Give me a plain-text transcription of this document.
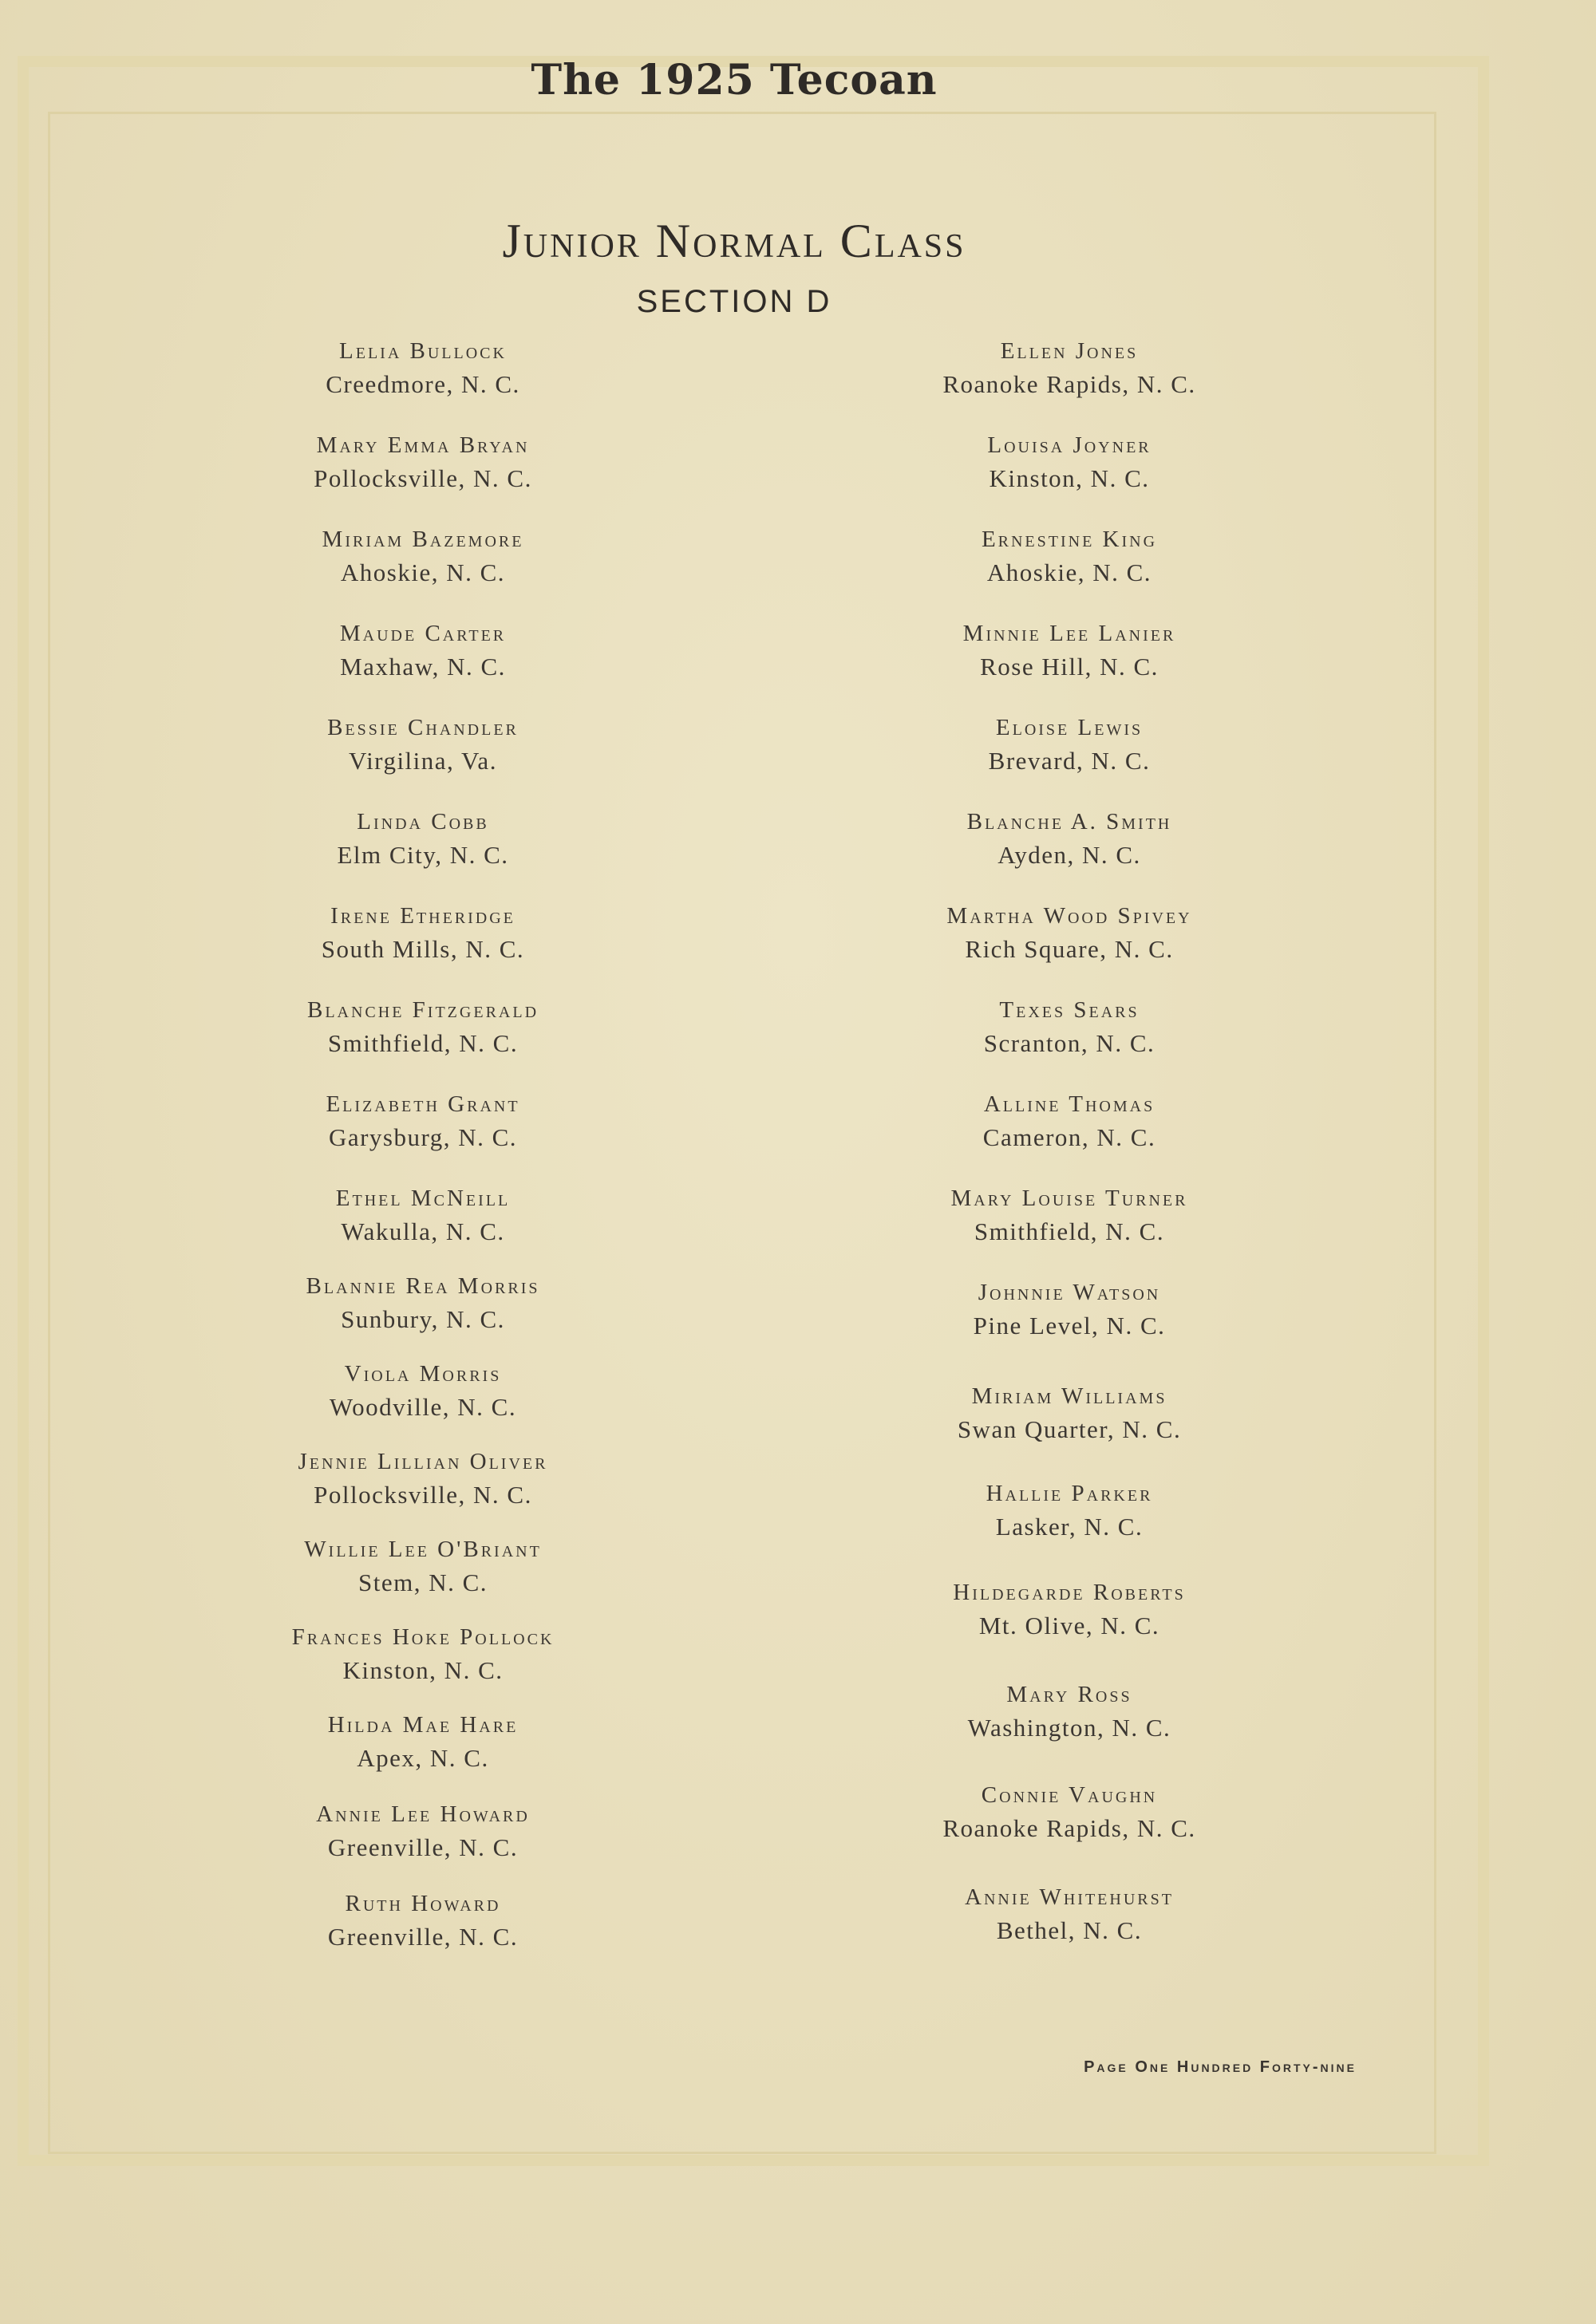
The 1925 Tecoan
Junior Normal Class
SECTION D
Lelia Bullock
Creedmore, N. C.
Mary Emma Bryan
Pollocksville, N. C.
Miriam Bazemore
Ahoskie, N. C.
Maude Carter
Maxhaw, N. C.
Bessie Chandler
Virgilina, Va.
Linda Cobb
Elm City, N. C.
Irene Etheridge
South Mills, N. C.
Blanche Fitzgerald
Smithfield, N. C.
Elizabeth Grant
Garysburg, N. C.
Ethel McNeill
Wakulla, N. C.
Blannie Rea Morris
Sunbury, N. C.
Viola Morris
Woodville, N. C.
Jennie Lillian Oliver
Pollocksville, N. C.
Willie Lee O'Briant
Stem, N. C.
Frances Hoke Pollock
Kinston, N. C.
Hilda Mae Hare
Apex, N. C.
Annie Lee Howard
Greenville, N. C.
Ruth Howard
Greenville, N. C.
Ellen Jones
Roanoke Rapids, N. C.
Louisa Joyner
Kinston, N. C.
Ernestine King
Ahoskie, N. C.
Minnie Lee Lanier
Rose Hill, N. C.
Eloise Lewis
Brevard, N. C.
Blanche A. Smith
Ayden, N. C.
Martha Wood Spivey
Rich Square, N. C.
Texes Sears
Scranton, N. C.
Alline Thomas
Cameron, N. C.
Mary Louise Turner
Smithfield, N. C.
Johnnie Watson
Pine Level, N. C.
Miriam Williams
Swan Quarter, N. C.
Hallie Parker
Lasker, N. C.
Hildegarde Roberts
Mt. Olive, N. C.
Mary Ross
Washington, N. C.
Connie Vaughn
Roanoke Rapids, N. C.
Annie Whitehurst
Bethel, N. C.
Page One Hundred Forty-nine
